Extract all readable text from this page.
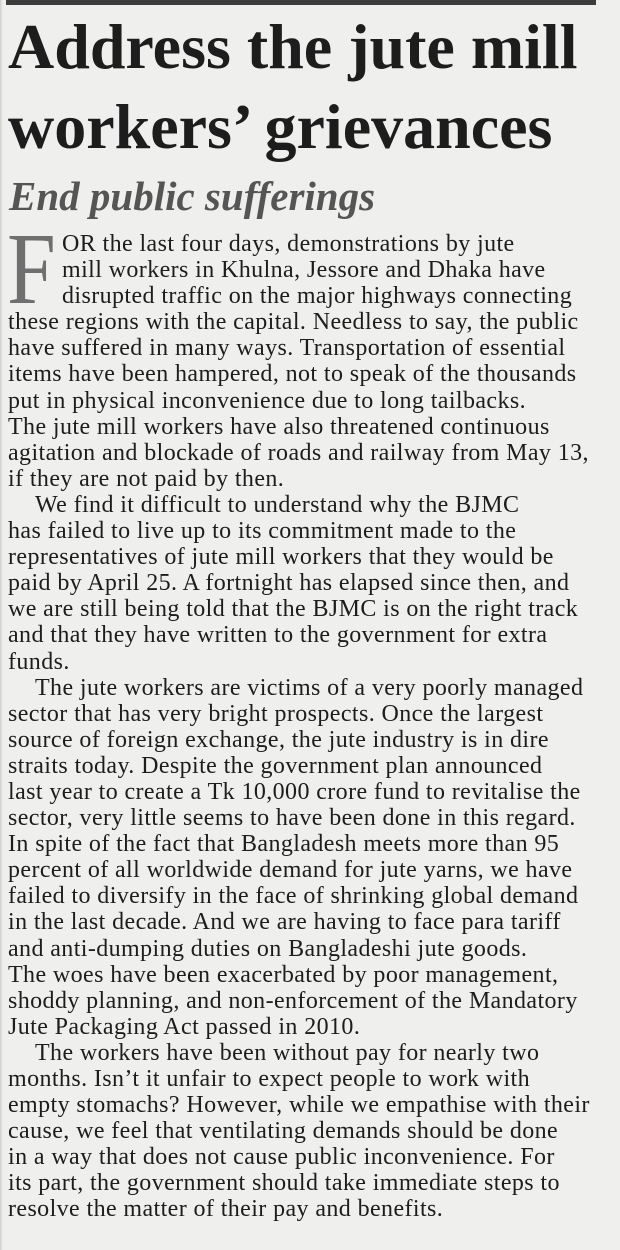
Address the jute mill
workers’ grievances
End public sufferings
F OR the last four days, demonstrations by jute
mill workers in Khulna, Jessore and Dhaka have
disrupted traffic on the major highways connecting
these regions with the capital. Needless to say, the public
have suffered in many ways. Transportation of essential
items have been hampered, not to speak of the thousands
put in physical inconvenience due to long tailbacks.
The jute mill workers have also threatened continuous
agitation and blockade of roads and railway from May 13,
if they are not paid by then.
We find it difficult to understand why the BJMC
has failed to live up to its commitment made to the
representatives of jute mill workers that they would be
paid by April 25. A fortnight has elapsed since then, and
we are still being told that the BJMC is on the right track
and that they have written to the government for extra
funds.
The jute workers are victims of a very poorly managed
sector that has very bright prospects. Once the largest
source of foreign exchange, the jute industry is in dire
straits today. Despite the government plan announced
last year to create a Tk 10,000 crore fund to revitalise the
sector, very little seems to have been done in this regard.
In spite of the fact that Bangladesh meets more than 95
percent of all worldwide demand for jute yarns, we have
failed to diversify in the face of shrinking global demand
in the last decade. And we are having to face para tariff
and anti-dumping duties on Bangladeshi jute goods.
The woes have been exacerbated by poor management,
shoddy planning, and non-enforcement of the Mandatory
Jute Packaging Act passed in 2010.
The workers have been without pay for nearly two
months. Isn’t it unfair to expect people to work with
empty stomachs? However, while we empathise with their
cause, we feel that ventilating demands should be done
in a way that does not cause public inconvenience. For
its part, the government should take immediate steps to
resolve the matter of their pay and benefits.
